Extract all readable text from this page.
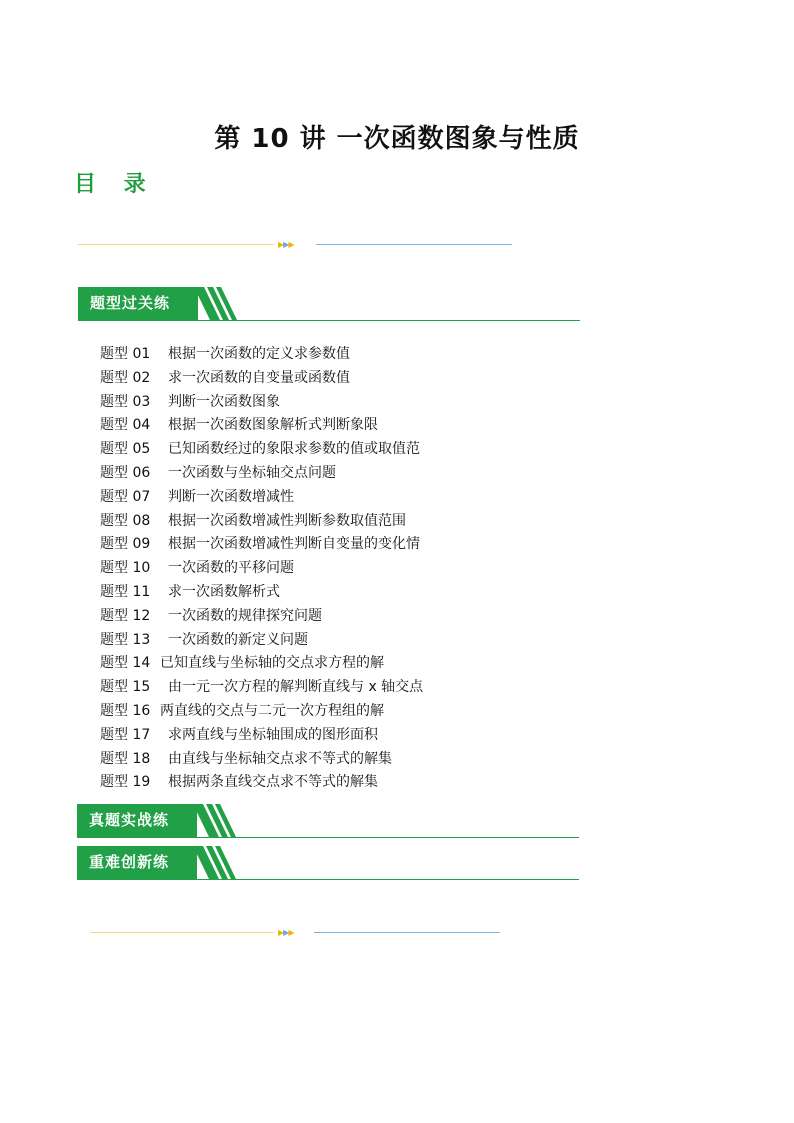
第 10 讲 一次函数图象与性质
目 录
▶▶▶
题型过关练
题型 01 根据一次函数的定义求参数值
题型 02 求一次函数的自变量或函数值
题型 03 判断一次函数图象
题型 04 根据一次函数图象解析式判断象限
题型 05 已知函数经过的象限求参数的值或取值范
题型 06 一次函数与坐标轴交点问题
题型 07 判断一次函数增减性
题型 08 根据一次函数增减性判断参数取值范围
题型 09 根据一次函数增减性判断自变量的变化情
题型 10 一次函数的平移问题
题型 11 求一次函数解析式
题型 12 一次函数的规律探究问题
题型 13 一次函数的新定义问题
题型 14 已知直线与坐标轴的交点求方程的解
题型 15 由一元一次方程的解判断直线与 x 轴交点
题型 16 两直线的交点与二元一次方程组的解
题型 17 求两直线与坐标轴围成的图形面积
题型 18 由直线与坐标轴交点求不等式的解集
题型 19 根据两条直线交点求不等式的解集
真题实战练
重难创新练
▶▶▶
